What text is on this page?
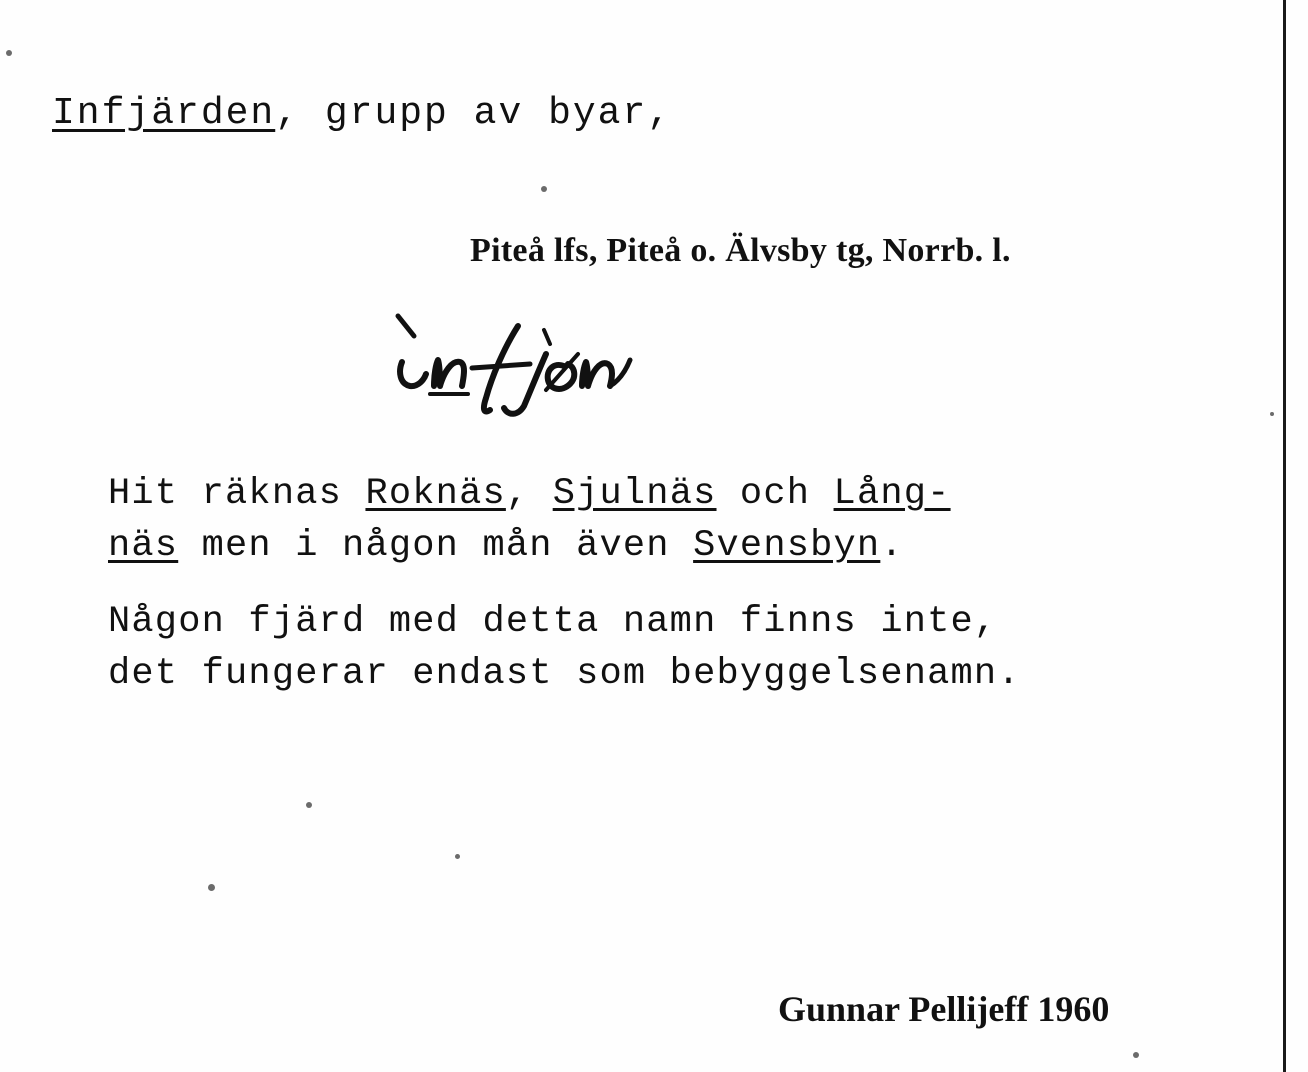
Infjärden, grupp av byar,
Piteå lfs, Piteå o. Älvsby tg, Norrb. l.
Hit räknas Roknäs, Sjulnäs och Lång-
näs men i någon mån även Svensbyn.
Någon fjärd med detta namn finns inte,
det fungerar endast som bebyggelsenamn.
Gunnar Pellijeff 1960
